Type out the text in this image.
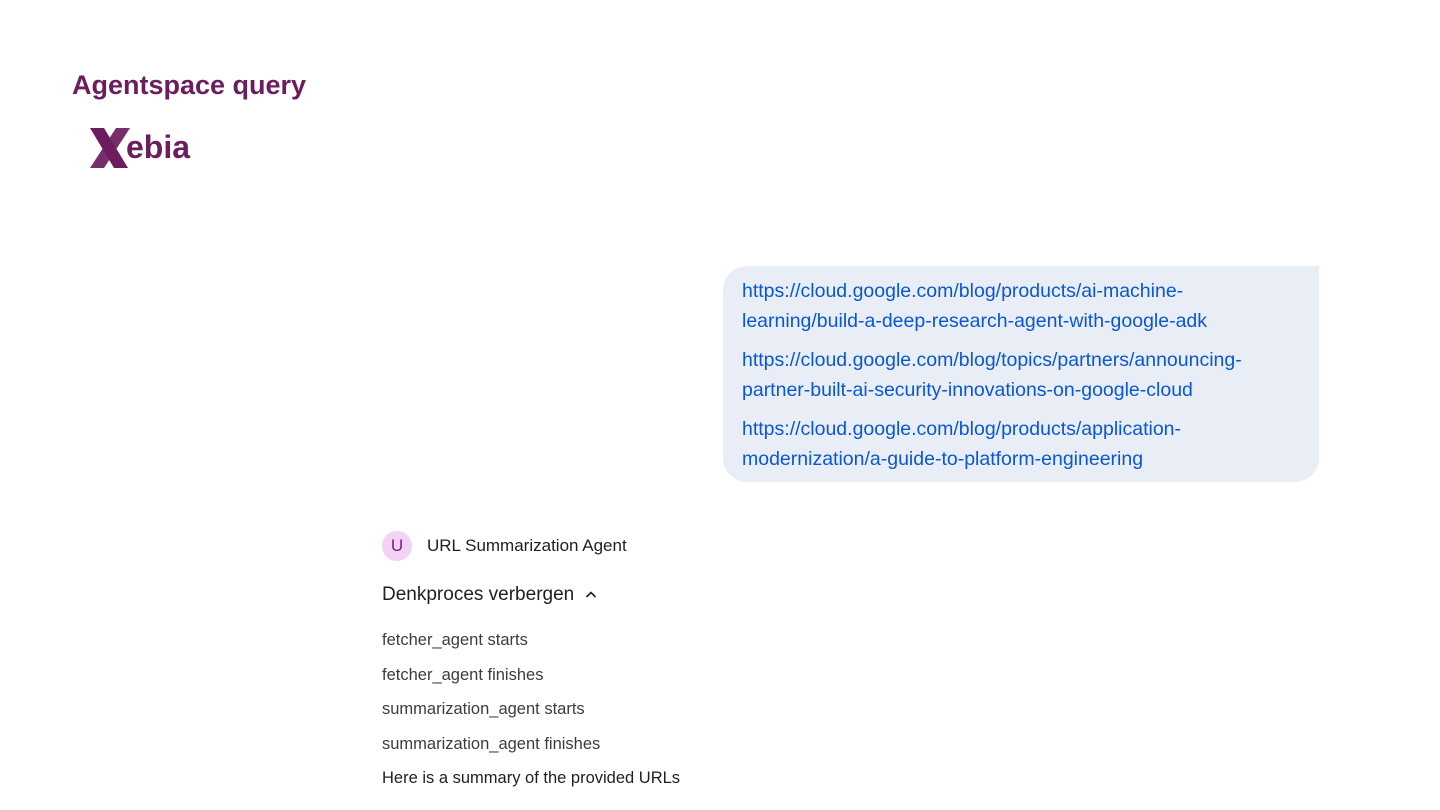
Agentspace query
ebia
https://cloud.google.com/blog/products/ai-machine-
learning/build-a-deep-research-agent-with-google-adk
https://cloud.google.com/blog/topics/partners/announcing-
partner-built-ai-security-innovations-on-google-cloud
https://cloud.google.com/blog/products/application-
modernization/a-guide-to-platform-engineering
U	URL Summarization Agent
Denkproces verbergen
fetcher_agent starts
fetcher_agent finishes
summarization_agent starts
summarization_agent finishes
Here is a summary of the provided URLs
